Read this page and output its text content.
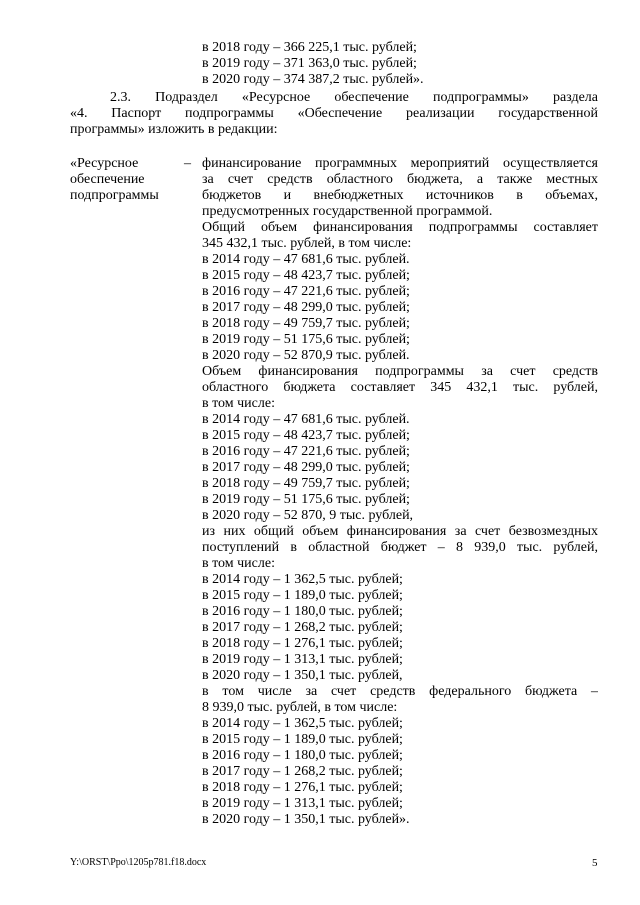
в 2018 году – 366 225,1 тыс. рублей;
в 2019 году – 371 363,0 тыс. рублей;
в 2020 году – 374 387,2 тыс. рублей».
2.3. Подраздел «Ресурсное обеспечение подпрограммы» раздела
«4. Паспорт подпрограммы «Обеспечение реализации государственной
программы» изложить в редакции:
«Ресурсное
обеспечение
подпрограммы
– финансирование программных мероприятий осуществляется
за счет средств областного бюджета, а также местных
бюджетов и внебюджетных источников в объемах,
предусмотренных государственной программой.
Общий объем финансирования подпрограммы составляет
345 432,1 тыс. рублей, в том числе:
в 2014 году – 47 681,6 тыс. рублей.
в 2015 году – 48 423,7 тыс. рублей;
в 2016 году – 47 221,6 тыс. рублей;
в 2017 году – 48 299,0 тыс. рублей;
в 2018 году – 49 759,7 тыс. рублей;
в 2019 году – 51 175,6 тыс. рублей;
в 2020 году – 52 870,9 тыс. рублей.
Объем финансирования подпрограммы за счет средств
областного бюджета составляет 345 432,1 тыс. рублей,
в том числе:
в 2014 году – 47 681,6 тыс. рублей.
в 2015 году – 48 423,7 тыс. рублей;
в 2016 году – 47 221,6 тыс. рублей;
в 2017 году – 48 299,0 тыс. рублей;
в 2018 году – 49 759,7 тыс. рублей;
в 2019 году – 51 175,6 тыс. рублей;
в 2020 году – 52 870, 9 тыс. рублей,
из них общий объем финансирования за счет безвозмездных
поступлений в областной бюджет – 8 939,0 тыс. рублей,
в том числе:
в 2014 году – 1 362,5 тыс. рублей;
в 2015 году – 1 189,0 тыс. рублей;
в 2016 году – 1 180,0 тыс. рублей;
в 2017 году – 1 268,2 тыс. рублей;
в 2018 году – 1 276,1 тыс. рублей;
в 2019 году – 1 313,1 тыс. рублей;
в 2020 году – 1 350,1 тыс. рублей,
в том числе за счет средств федерального бюджета –
8 939,0 тыс. рублей, в том числе:
в 2014 году – 1 362,5 тыс. рублей;
в 2015 году – 1 189,0 тыс. рублей;
в 2016 году – 1 180,0 тыс. рублей;
в 2017 году – 1 268,2 тыс. рублей;
в 2018 году – 1 276,1 тыс. рублей;
в 2019 году – 1 313,1 тыс. рублей;
в 2020 году – 1 350,1 тыс. рублей».
Y:\ORST\Ppo\1205p781.f18.docx	5
